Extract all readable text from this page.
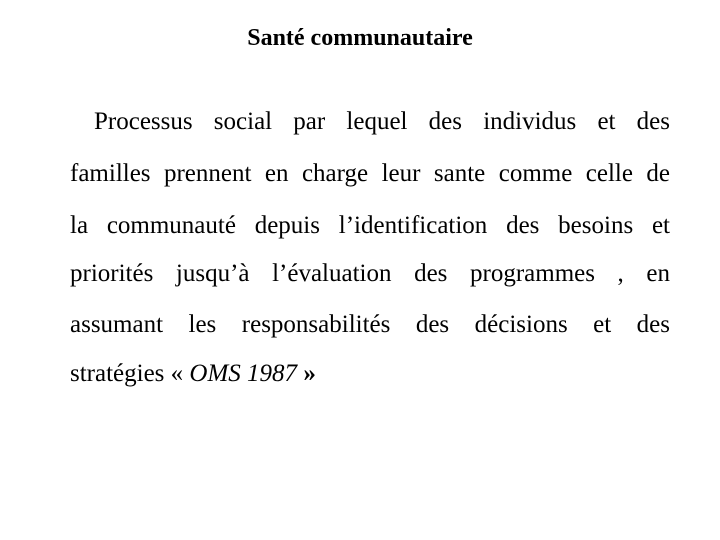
Santé communautaire
Processus social par lequel des individus et des
familles prennent en charge leur sante comme celle de
la communauté depuis l’identification des besoins et
priorités jusqu’à l’évaluation des programmes , en
assumant les responsabilités des décisions et des
stratégies « OMS 1987 »
